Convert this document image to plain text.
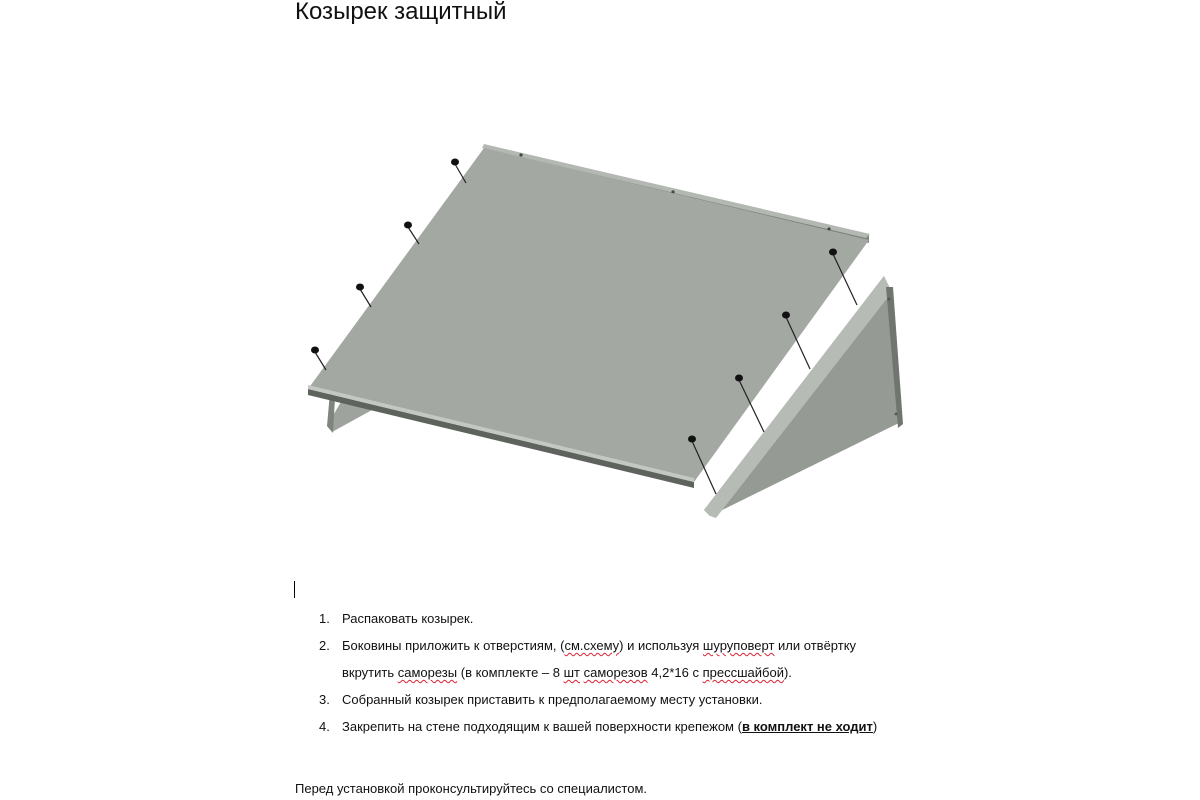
Козырек защитный
1. Распаковать козырек.
2. Боковины приложить к отверстиям, (см.схему) и используя шуруповерт или отвёртку
вкрутить саморезы (в комплекте – 8 шт саморезов 4,2*16 с прессшайбой).
3. Собранный козырек приставить к предполагаемому месту установки.
4. Закрепить на стене подходящим к вашей поверхности крепежом (в комплект не ходит)

Перед установкой проконсультируйтесь со специалистом.
